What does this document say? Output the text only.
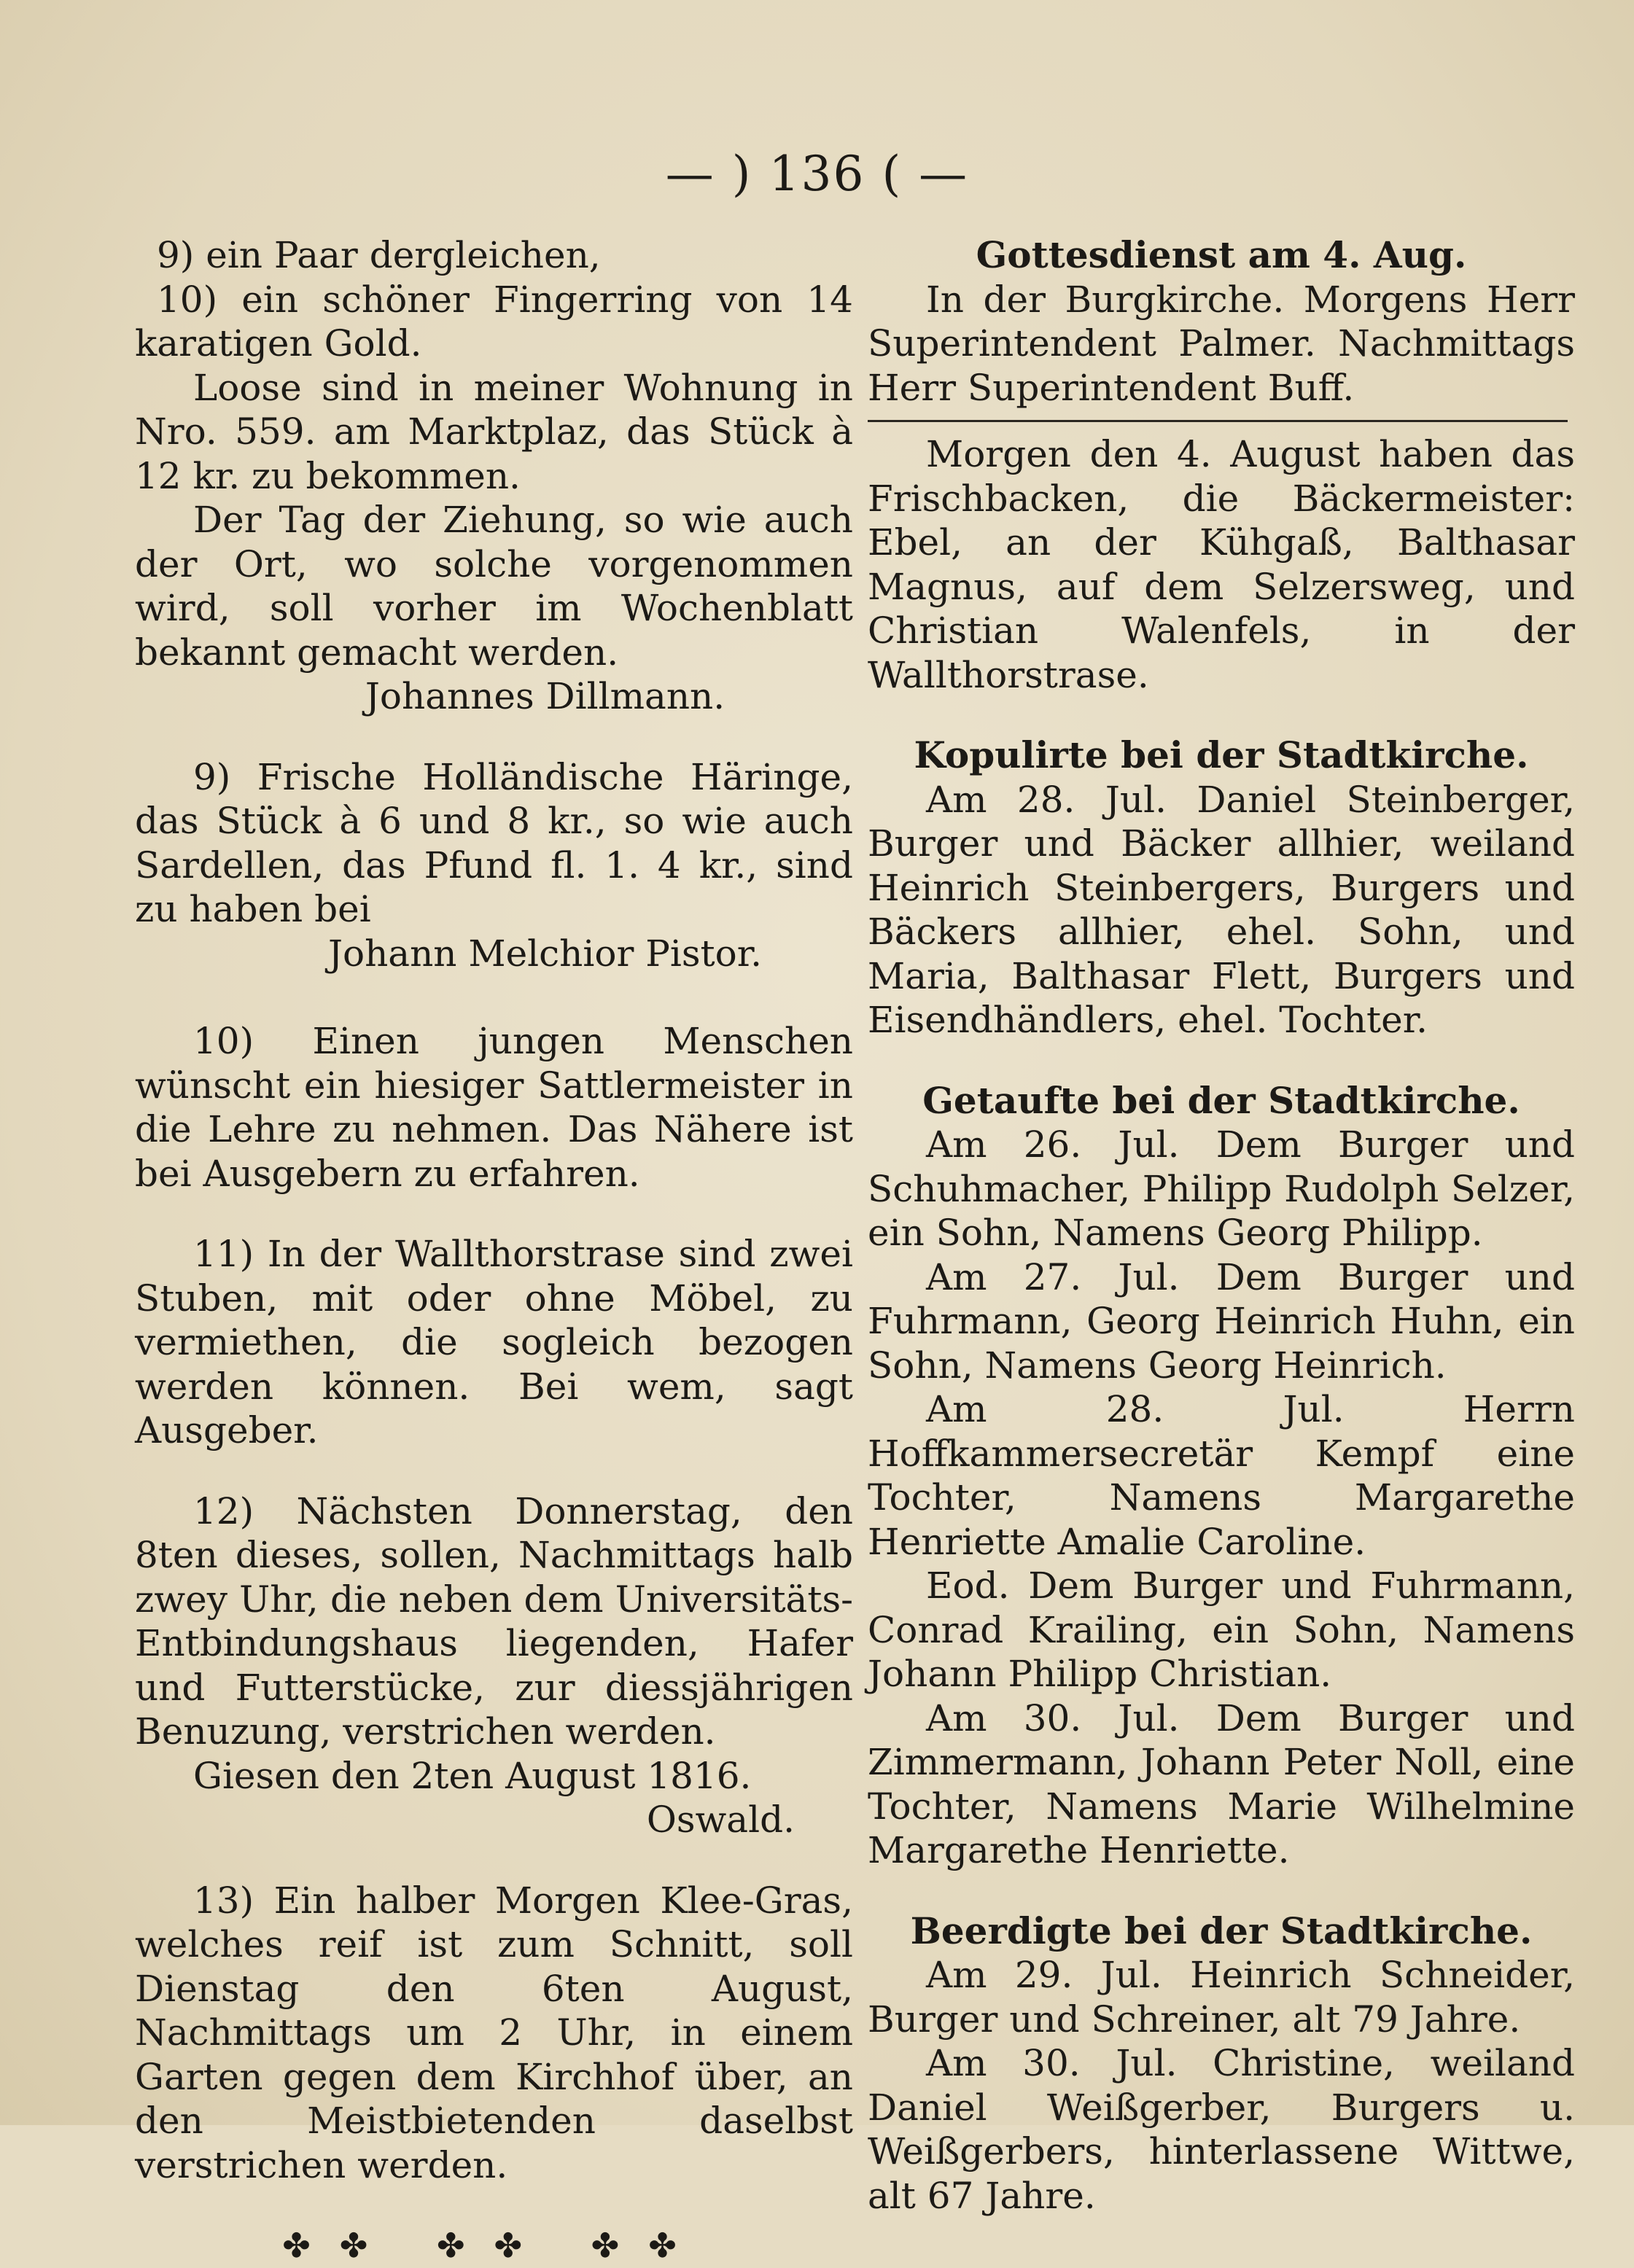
— ) 136 ( —

9) ein Paar dergleichen,

10) ein schöner Fingerring von 14 karatigen Gold.

Loose sind in meiner Wohnung in Nro. 559. am Marktplaz, das Stück à 12 kr. zu bekommen.

Der Tag der Ziehung, so wie auch der Ort, wo solche vorgenommen wird, soll vorher im Wochenblatt bekannt gemacht werden.

Johannes Dillmann.

9) Frische Holländische Häringe, das Stück à 6 und 8 kr., so wie auch Sardellen, das Pfund fl. 1. 4 kr., sind zu haben bei

Johann Melchior Pistor.

10) Einen jungen Menschen wünscht ein hiesiger Sattlermeister in die Lehre zu nehmen. Das Nähere ist bei Ausgebern zu erfahren.

11) In der Wallthorstrase sind zwei Stuben, mit oder ohne Möbel, zu vermiethen, die sogleich bezogen werden können. Bei wem, sagt Ausgeber.

12) Nächsten Donnerstag, den 8ten dieses, sollen, Nachmittags halb zwey Uhr, die neben dem Universitäts-Entbindungshaus liegenden, Hafer und Futterstücke, zur diessjährigen Benuzung, verstrichen werden.

Giesen den 2ten August 1816.

Oswald.

13) Ein halber Morgen Klee-Gras, welches reif ist zum Schnitt, soll Dienstag den 6ten August, Nachmittags um 2 Uhr, in einem Garten gegen dem Kirchhof über, an den Meistbietenden daselbst verstrichen werden.

✤✤ ✤✤ ✤✤

Gottesdienst am 4. Aug.

In der Burgkirche. Morgens Herr Superintendent Palmer. Nachmittags Herr Superintendent Buff.

Morgen den 4. August haben das Frischbacken, die Bäckermeister: Ebel, an der Kühgaß, Balthasar Magnus, auf dem Selzersweg, und Christian Walenfels, in der Wallthorstrase.

Kopulirte bei der Stadtkirche.

Am 28. Jul. Daniel Steinberger, Burger und Bäcker allhier, weiland Heinrich Steinbergers, Burgers und Bäckers allhier, ehel. Sohn, und Maria, Balthasar Flett, Burgers und Eisendhändlers, ehel. Tochter.

Getaufte bei der Stadtkirche.

Am 26. Jul. Dem Burger und Schuhmacher, Philipp Rudolph Selzer, ein Sohn, Namens Georg Philipp.

Am 27. Jul. Dem Burger und Fuhrmann, Georg Heinrich Huhn, ein Sohn, Namens Georg Heinrich.

Am 28. Jul. Herrn Hoffkammersecretär Kempf eine Tochter, Namens Margarethe Henriette Amalie Caroline.

Eod. Dem Burger und Fuhrmann, Conrad Krailing, ein Sohn, Namens Johann Philipp Christian.

Am 30. Jul. Dem Burger und Zimmermann, Johann Peter Noll, eine Tochter, Namens Marie Wilhelmine Margarethe Henriette.

Beerdigte bei der Stadtkirche.

Am 29. Jul. Heinrich Schneider, Burger und Schreiner, alt 79 Jahre.

Am 30. Jul. Christine, weiland Daniel Weißgerber, Burgers u. Weißgerbers, hinterlassene Wittwe, alt 67 Jahre.
